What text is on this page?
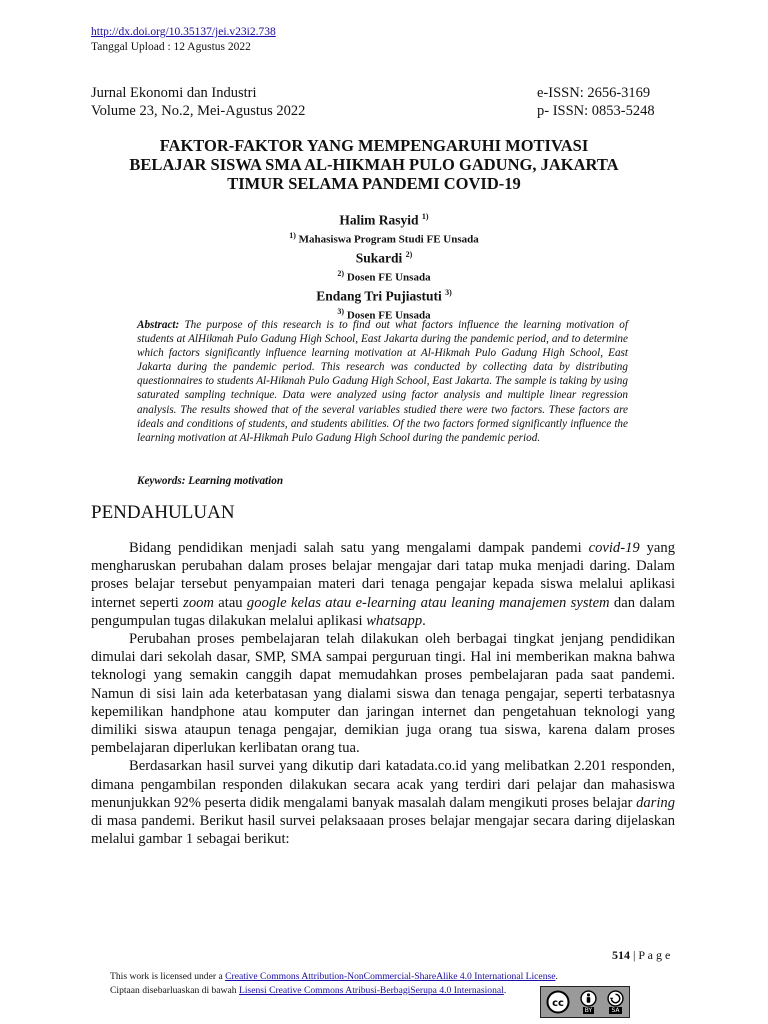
http://dx.doi.org/10.35137/jei.v23i2.738
Tanggal Upload : 12 Agustus 2022
Jurnal Ekonomi dan Industri	e-ISSN: 2656-3169
Volume 23, No.2, Mei-Agustus 2022	p- ISSN: 0853-5248
FAKTOR-FAKTOR YANG MEMPENGARUHI MOTIVASI
BELAJAR SISWA SMA AL-HIKMAH PULO GADUNG, JAKARTA
TIMUR SELAMA PANDEMI COVID-19
Halim Rasyid $^{1)}$
$^{1)}$ Mahasiswa Program Studi FE Unsada
Sukardi $^{2)}$
$^{2)}$ Dosen FE Unsada
Endang Tri Pujiastuti $^{3)}$
$^{3)}$ Dosen FE Unsada
Abstract: The purpose of this research is to find out what factors influence the learning motivation of students at AlHikmah Pulo Gadung High School, East Jakarta during the pandemic period, and to determine which factors significantly influence learning motivation at Al-Hikmah Pulo Gadung High School, East Jakarta during the pandemic period. This research was conducted by collecting data by distributing questionnaires to students Al-Hikmah Pulo Gadung High School, East Jakarta. The sample is taking by using saturated sampling technique. Data were analyzed using factor analysis and multiple linear regression analysis. The results showed that of the several variables studied there were two factors. These factors are ideals and conditions of students, and students abilities. Of the two factors formed significantly influence the learning motivation at Al-Hikmah Pulo Gadung High School during the pandemic period.
Keywords: Learning motivation
PENDAHULUAN

Bidang pendidikan menjadi salah satu yang mengalami dampak pandemi covid-19 yang mengharuskan perubahan dalam proses belajar mengajar dari tatap muka menjadi daring. Dalam proses belajar tersebut penyampaian materi dari tenaga pengajar kepada siswa melalui aplikasi internet seperti zoom atau google kelas atau e-learning atau leaning manajemen system dan dalam pengumpulan tugas dilakukan melalui aplikasi whatsapp.

Perubahan proses pembelajaran telah dilakukan oleh berbagai tingkat jenjang pendidikan dimulai dari sekolah dasar, SMP, SMA sampai perguruan tingi. Hal ini memberikan makna bahwa teknologi yang semakin canggih dapat memudahkan proses pembelajaran pada saat pandemi. Namun di sisi lain ada keterbatasan yang dialami siswa dan tenaga pengajar, seperti terbatasnya kepemilikan handphone atau komputer dan jaringan internet dan pengetahuan teknologi yang dimiliki siswa ataupun tenaga pengajar, demikian juga orang tua siswa, karena dalam proses pembelajaran diperlukan kerlibatan orang tua.

Berdasarkan hasil survei yang dikutip dari katadata.co.id yang melibatkan 2.201 responden, dimana pengambilan responden dilakukan secara acak yang terdiri dari pelajar dan mahasiswa menunjukkan 92% peserta didik mengalami banyak masalah dalam mengikuti proses belajar daring di masa pandemi. Berikut hasil survei pelaksaaan proses belajar mengajar secara daring dijelaskan melalui gambar 1 sebagai berikut:

514 | P a g e
This work is licensed under a Creative Commons Attribution-NonCommercial-ShareAlike 4.0 International License.
Ciptaan disebarluaskan di bawah Lisensi Creative Commons Atribusi-BerbagiSerupa 4.0 Internasional.
cc
BY	SA
